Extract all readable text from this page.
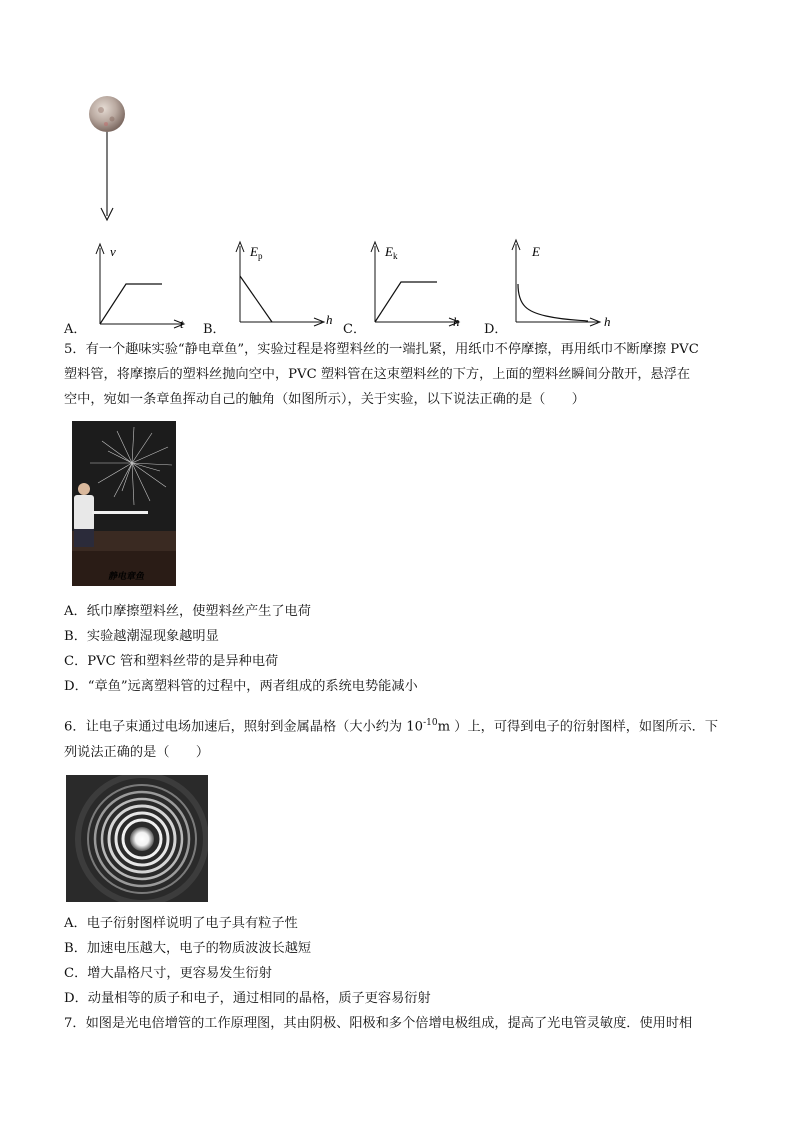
A．
v
t B．
$E_p$
h
C．
$E_k$
h
D．
E
h
5．有一个趣味实验“静电章鱼”，实验过程是将塑料丝的一端扎紧，用纸巾不停摩擦，再用纸巾不断摩擦 PVC
塑料管，将摩擦后的塑料丝抛向空中，PVC 塑料管在这束塑料丝的下方，上面的塑料丝瞬间分散开，悬浮在
空中，宛如一条章鱼挥动自己的触角（如图所示），关于实验，以下说法正确的是（　　）
静电章鱼
A．纸巾摩擦塑料丝，使塑料丝产生了电荷
B．实验越潮湿现象越明显
C．PVC 管和塑料丝带的是异种电荷
D．“章鱼”远离塑料管的过程中，两者组成的系统电势能减小
6．让电子束通过电场加速后，照射到金属晶格（大小约为 $10^{-10}m$ ）上，可得到电子的衍射图样，如图所示．下
列说法正确的是（　　）
A．电子衍射图样说明了电子具有粒子性
B．加速电压越大，电子的物质波波长越短
C．增大晶格尺寸，更容易发生衍射
D．动量相等的质子和电子，通过相同的晶格，质子更容易衍射
7．如图是光电倍增管的工作原理图，其由阴极、阳极和多个倍增电极组成，提高了光电管灵敏度．使用时相
